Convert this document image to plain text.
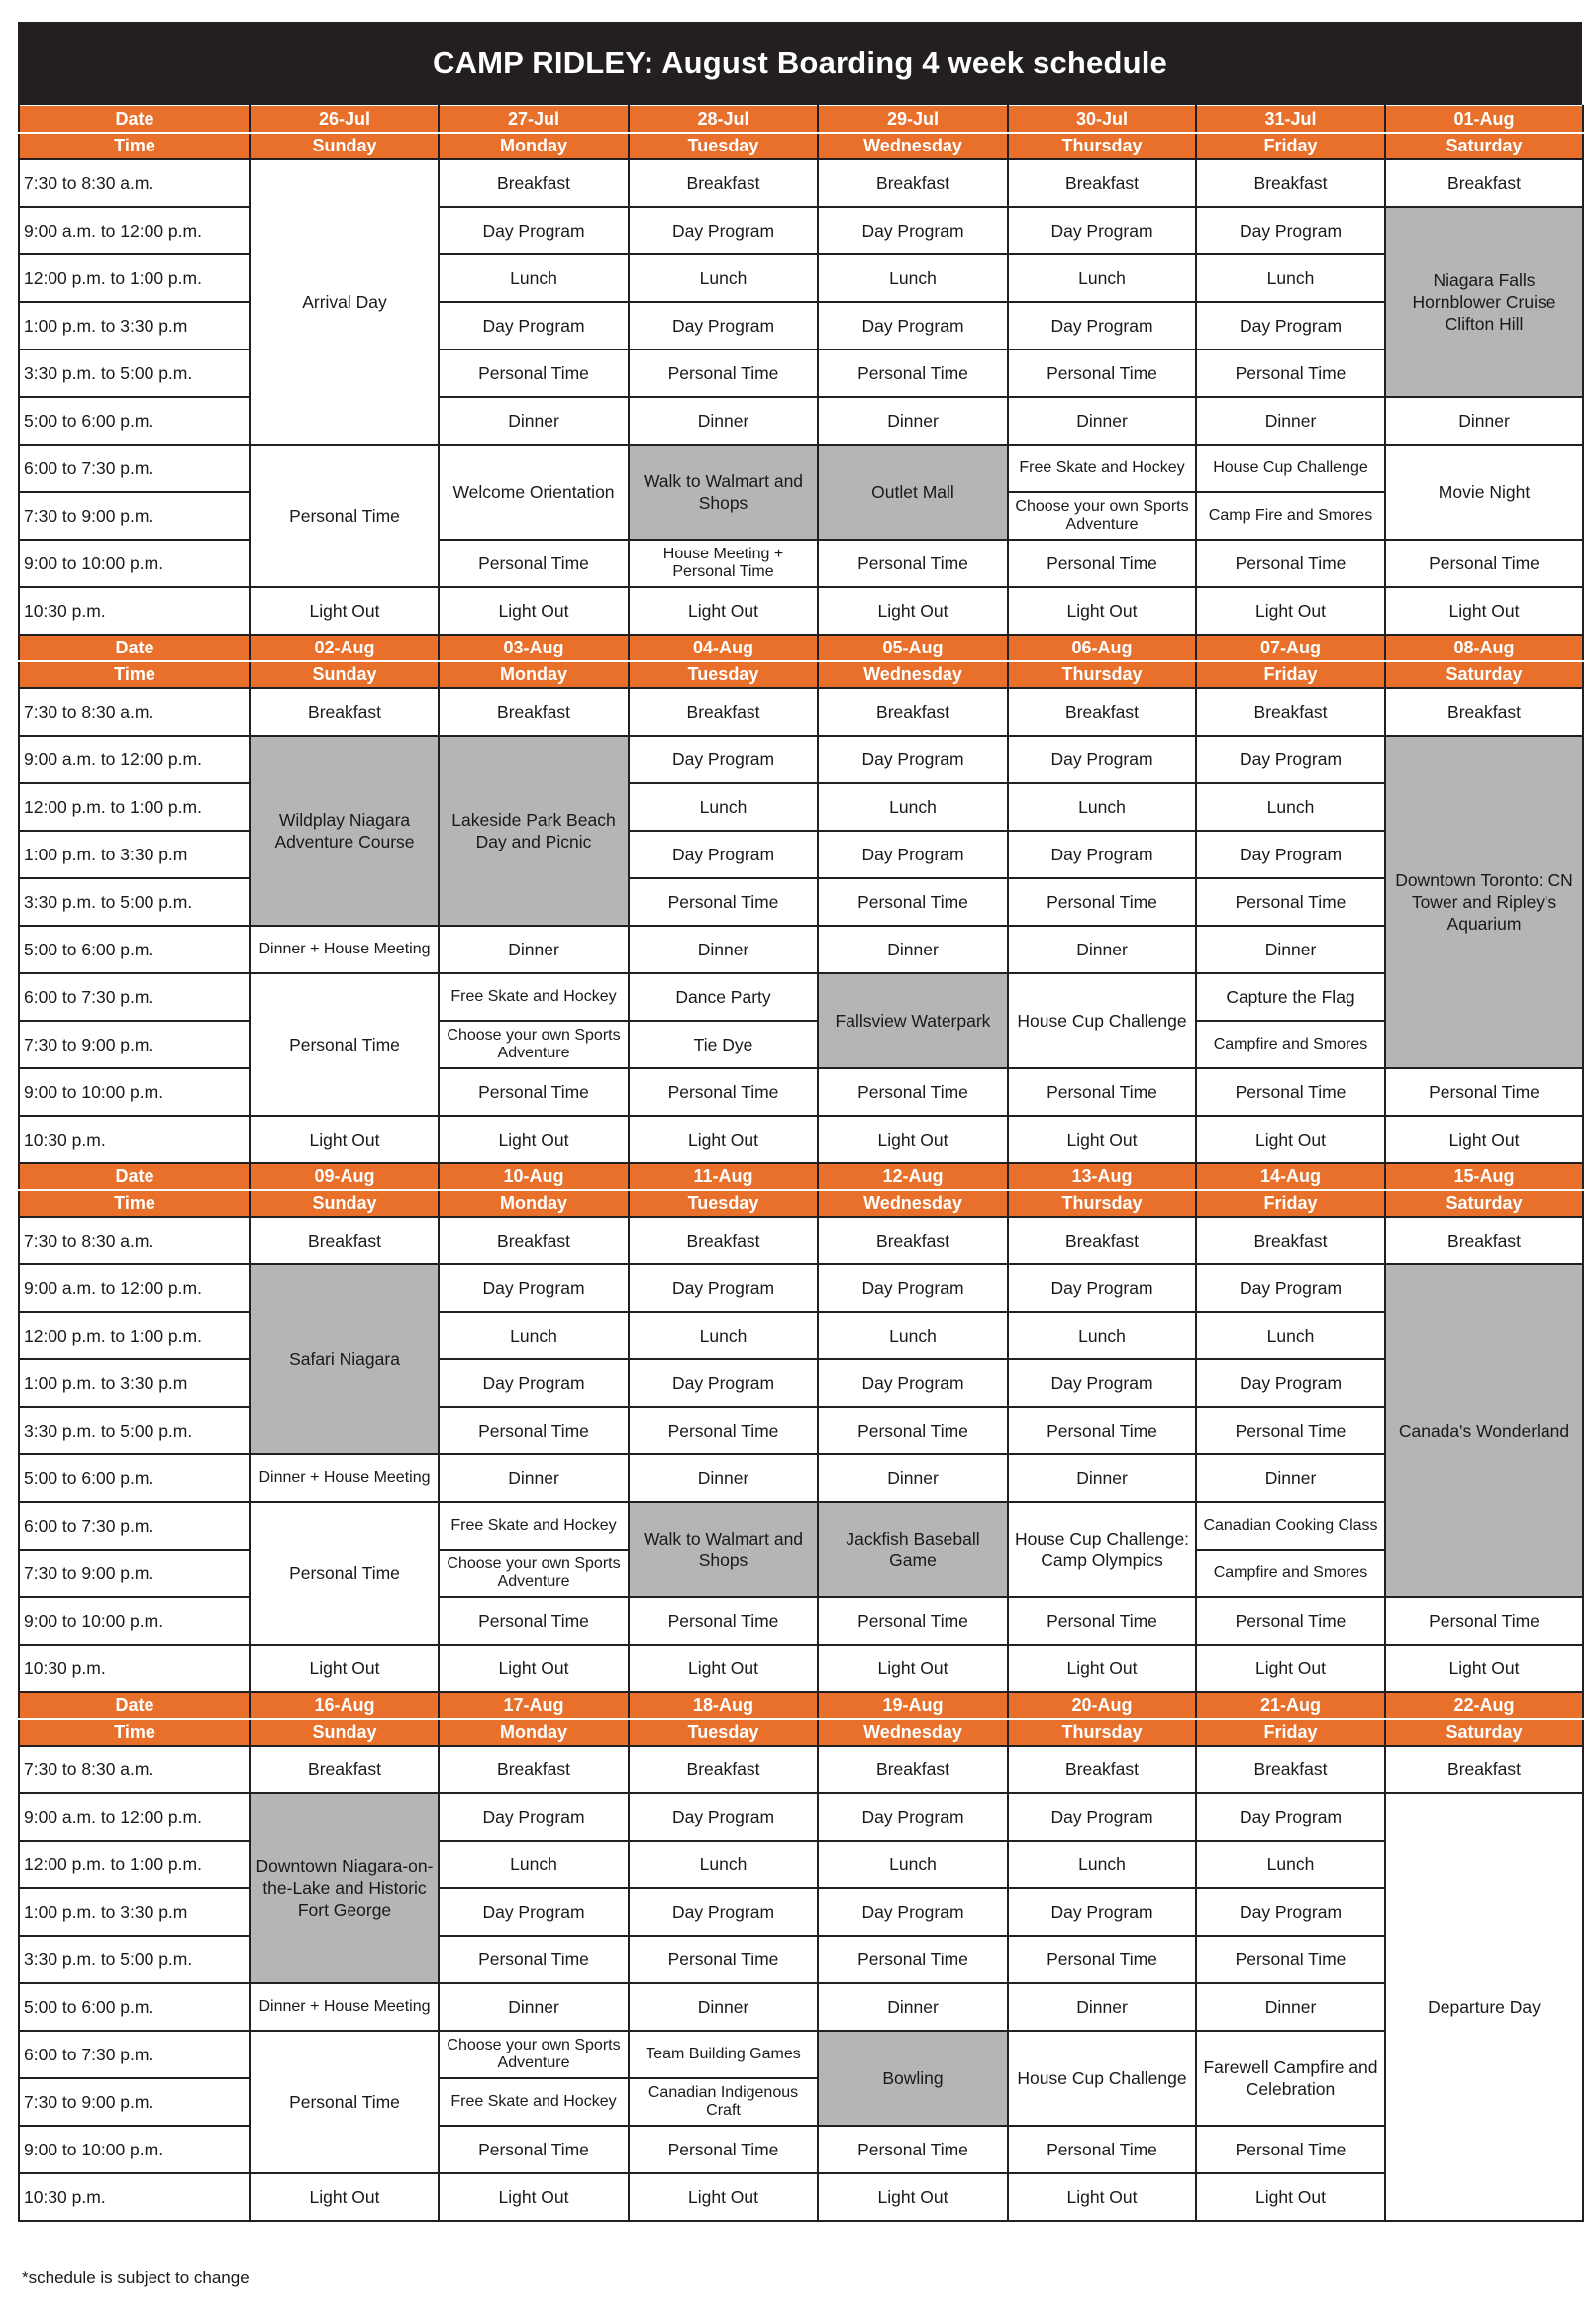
CAMP RIDLEY: August Boarding 4 week schedule
Date	26-Jul	27-Jul	28-Jul	29-Jul	30-Jul	31-Jul	01-Aug
Time	Sunday	Monday	Tuesday	Wednesday	Thursday	Friday	Saturday
7:30 to 8:30 a.m.	Arrival Day	Breakfast	Breakfast	Breakfast	Breakfast	Breakfast	Breakfast
9:00 a.m. to 12:00 p.m.		Day Program	Day Program	Day Program	Day Program	Day Program	Niagara Falls Hornblower Cruise Clifton Hill
12:00 p.m. to 1:00 p.m.		Lunch	Lunch	Lunch	Lunch	Lunch	
1:00 p.m. to 3:30 p.m		Day Program	Day Program	Day Program	Day Program	Day Program	
3:30 p.m. to 5:00 p.m.		Personal Time	Personal Time	Personal Time	Personal Time	Personal Time	
5:00 to 6:00 p.m.		Dinner	Dinner	Dinner	Dinner	Dinner	Dinner
6:00 to 7:30 p.m.	Personal Time	Welcome Orientation	Walk to Walmart and Shops	Outlet Mall	Free Skate and Hockey	House Cup Challenge	Movie Night
7:30 to 9:00 p.m.					Choose your own Sports Adventure	Camp Fire and Smores	
9:00 to 10:00 p.m.		Personal Time	House Meeting + Personal Time	Personal Time	Personal Time	Personal Time	Personal Time
10:30 p.m.	Light Out	Light Out	Light Out	Light Out	Light Out	Light Out	Light Out
Date	02-Aug	03-Aug	04-Aug	05-Aug	06-Aug	07-Aug	08-Aug
Time	Sunday	Monday	Tuesday	Wednesday	Thursday	Friday	Saturday
7:30 to 8:30 a.m.	Breakfast	Breakfast	Breakfast	Breakfast	Breakfast	Breakfast	Breakfast
9:00 a.m. to 12:00 p.m.	Wildplay Niagara Adventure Course	Lakeside Park Beach Day and Picnic	Day Program	Day Program	Day Program	Day Program	Downtown Toronto: CN Tower and Ripley's Aquarium
12:00 p.m. to 1:00 p.m.			Lunch	Lunch	Lunch	Lunch	
1:00 p.m. to 3:30 p.m			Day Program	Day Program	Day Program	Day Program	
3:30 p.m. to 5:00 p.m.			Personal Time	Personal Time	Personal Time	Personal Time	
5:00 to 6:00 p.m.	Dinner + House Meeting	Dinner	Dinner	Dinner	Dinner	Dinner	
6:00 to 7:30 p.m.	Personal Time	Free Skate and Hockey	Dance Party	Fallsview Waterpark	House Cup Challenge	Capture the Flag	
7:30 to 9:00 p.m.		Choose your own Sports Adventure	Tie Dye			Campfire and Smores	
9:00 to 10:00 p.m.		Personal Time	Personal Time	Personal Time	Personal Time	Personal Time	Personal Time
10:30 p.m.	Light Out	Light Out	Light Out	Light Out	Light Out	Light Out	Light Out
Date	09-Aug	10-Aug	11-Aug	12-Aug	13-Aug	14-Aug	15-Aug
Time	Sunday	Monday	Tuesday	Wednesday	Thursday	Friday	Saturday
7:30 to 8:30 a.m.	Breakfast	Breakfast	Breakfast	Breakfast	Breakfast	Breakfast	Breakfast
9:00 a.m. to 12:00 p.m.	Safari Niagara	Day Program	Day Program	Day Program	Day Program	Day Program	Canada's Wonderland
12:00 p.m. to 1:00 p.m.		Lunch	Lunch	Lunch	Lunch	Lunch	
1:00 p.m. to 3:30 p.m		Day Program	Day Program	Day Program	Day Program	Day Program	
3:30 p.m. to 5:00 p.m.		Personal Time	Personal Time	Personal Time	Personal Time	Personal Time	
5:00 to 6:00 p.m.	Dinner + House Meeting	Dinner	Dinner	Dinner	Dinner	Dinner	
6:00 to 7:30 p.m.	Personal Time	Free Skate and Hockey	Walk to Walmart and Shops	Jackfish Baseball Game	House Cup Challenge: Camp Olympics	Canadian Cooking Class	
7:30 to 9:00 p.m.		Choose your own Sports Adventure				Campfire and Smores	
9:00 to 10:00 p.m.		Personal Time	Personal Time	Personal Time	Personal Time	Personal Time	Personal Time
10:30 p.m.	Light Out	Light Out	Light Out	Light Out	Light Out	Light Out	Light Out
Date	16-Aug	17-Aug	18-Aug	19-Aug	20-Aug	21-Aug	22-Aug
Time	Sunday	Monday	Tuesday	Wednesday	Thursday	Friday	Saturday
7:30 to 8:30 a.m.	Breakfast	Breakfast	Breakfast	Breakfast	Breakfast	Breakfast	Breakfast
9:00 a.m. to 12:00 p.m.	Downtown Niagara-on-the-Lake and Historic Fort George	Day Program	Day Program	Day Program	Day Program	Day Program	Departure Day
12:00 p.m. to 1:00 p.m.		Lunch	Lunch	Lunch	Lunch	Lunch	
1:00 p.m. to 3:30 p.m		Day Program	Day Program	Day Program	Day Program	Day Program	
3:30 p.m. to 5:00 p.m.		Personal Time	Personal Time	Personal Time	Personal Time	Personal Time	
5:00 to 6:00 p.m.	Dinner + House Meeting	Dinner	Dinner	Dinner	Dinner	Dinner	
6:00 to 7:30 p.m.	Personal Time	Choose your own Sports Adventure	Team Building Games	Bowling	House Cup Challenge	Farewell Campfire and Celebration	
7:30 to 9:00 p.m.		Free Skate and Hockey	Canadian Indigenous Craft				
9:00 to 10:00 p.m.		Personal Time	Personal Time	Personal Time	Personal Time	Personal Time	
10:30 p.m.	Light Out	Light Out	Light Out	Light Out	Light Out	Light Out	
*schedule is subject to change
